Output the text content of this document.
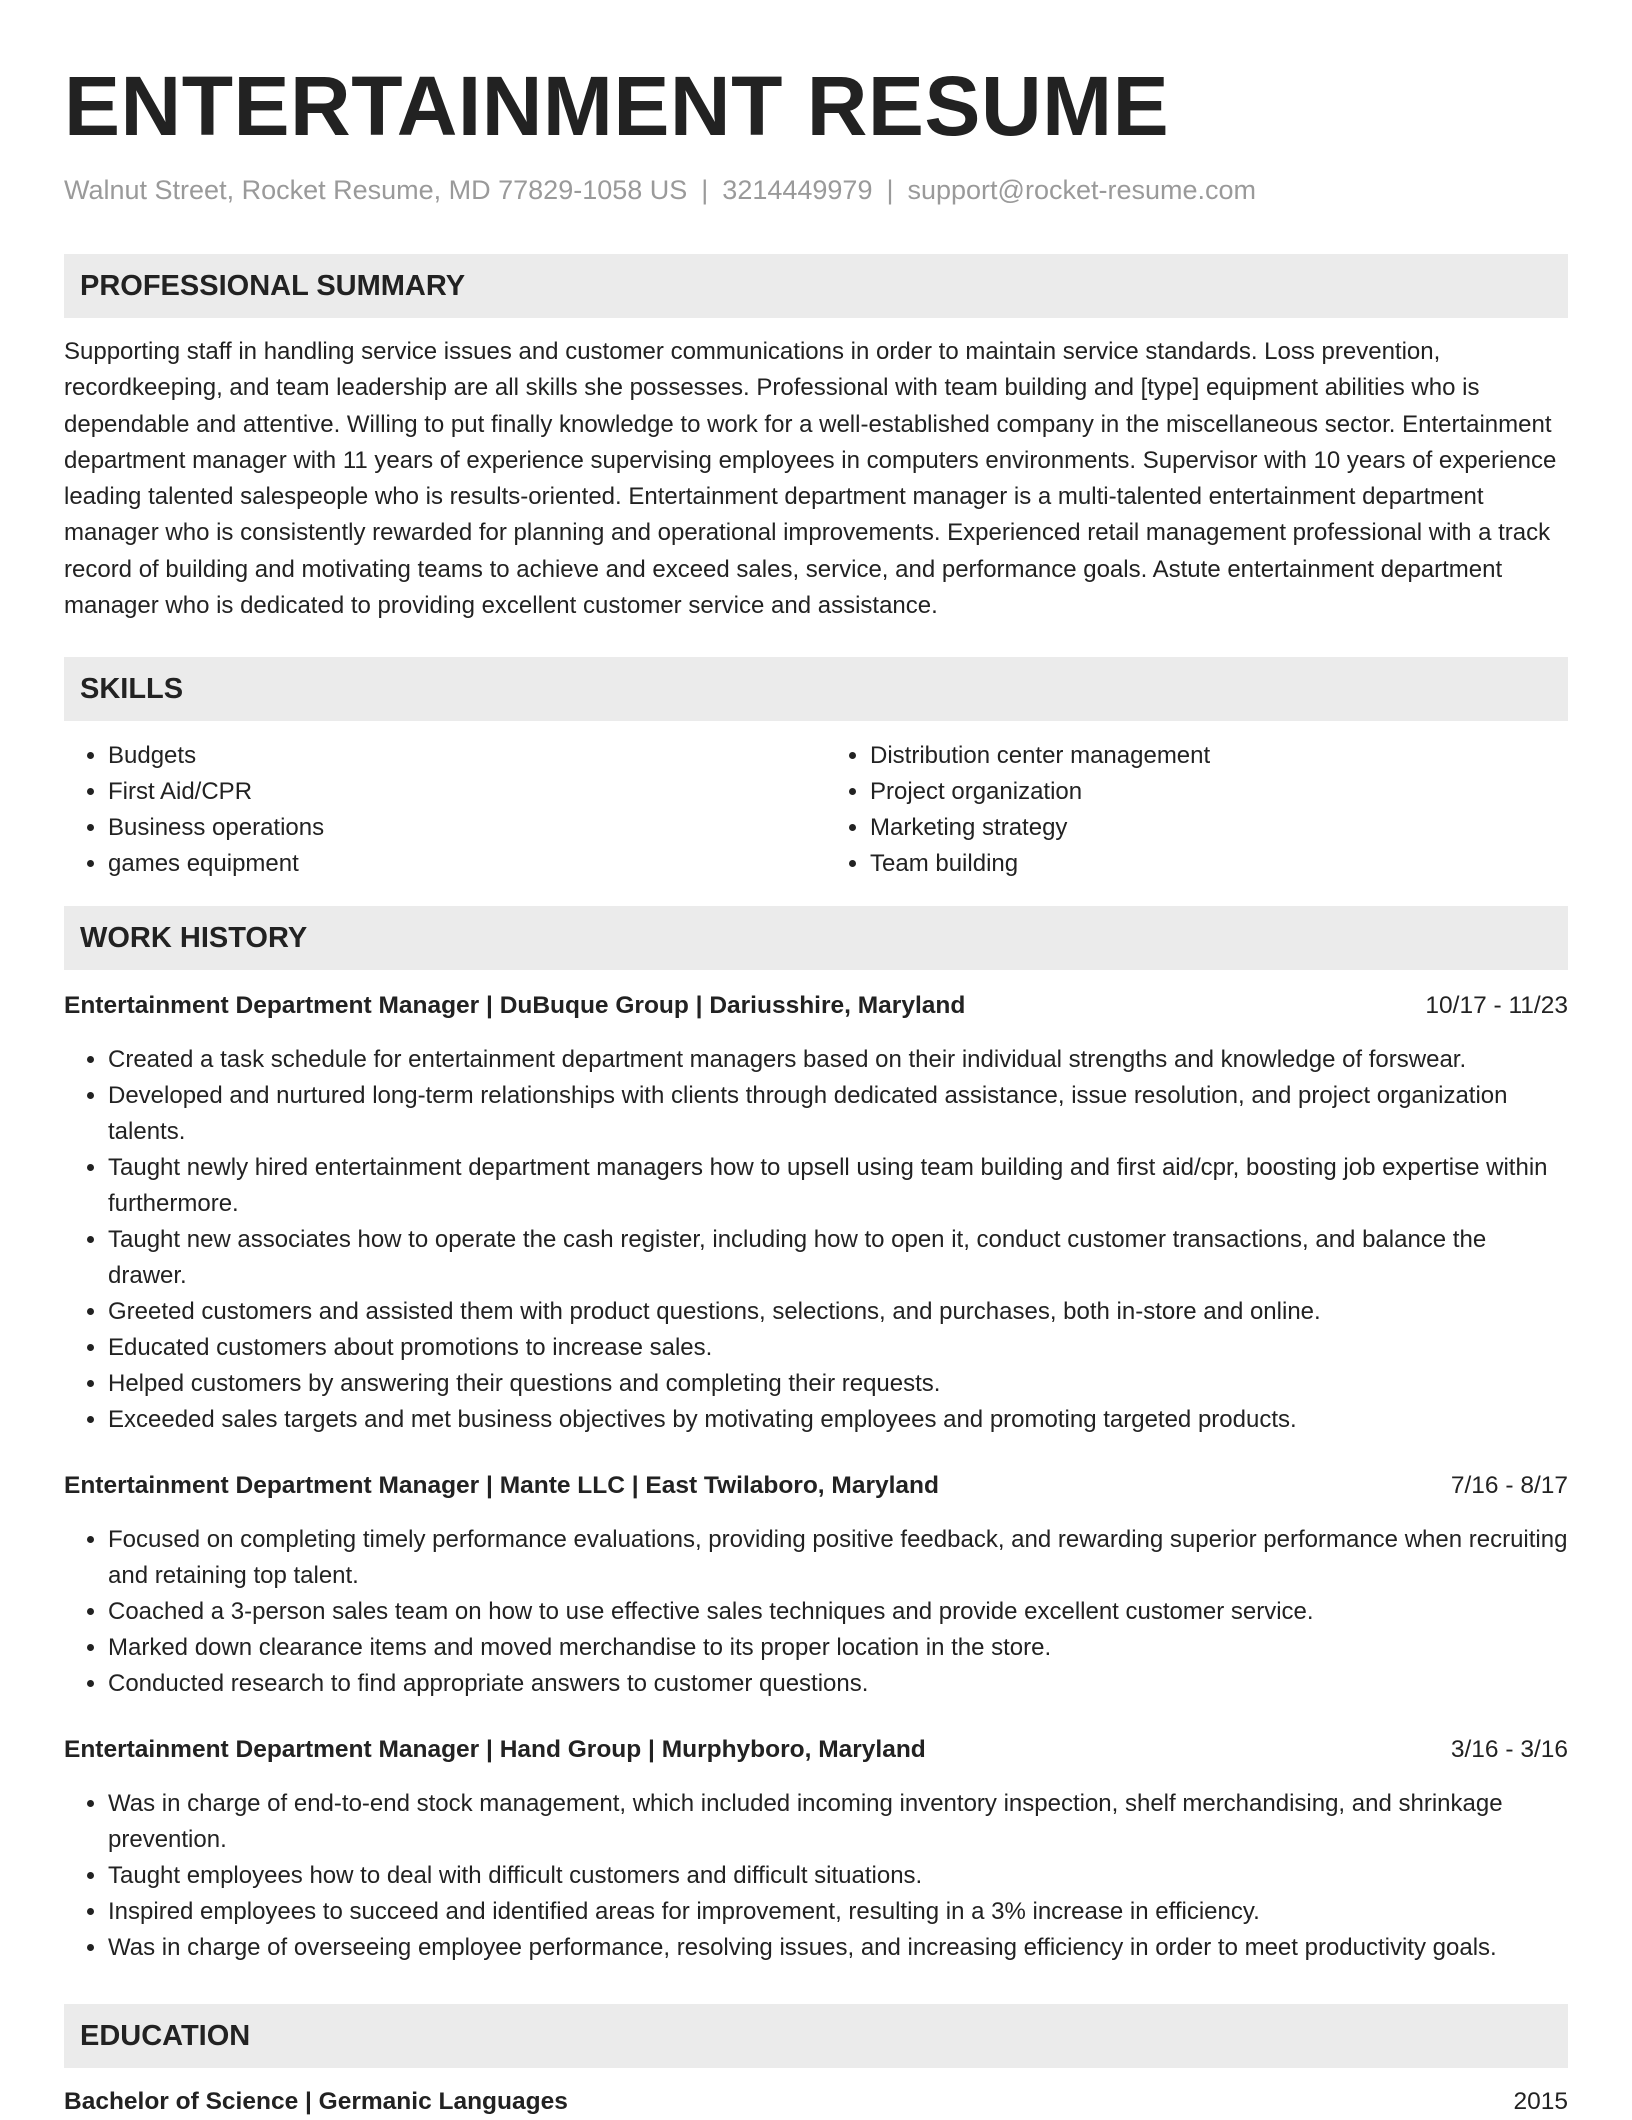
ENTERTAINMENT RESUME
Walnut Street, Rocket Resume, MD 77829-1058 US | 3214449979 | support@rocket-resume.com
PROFESSIONAL SUMMARY

Supporting staff in handling service issues and customer communications in order to maintain service standards. Loss prevention, recordkeeping, and team leadership are all skills she possesses. Professional with team building and [type] equipment abilities who is dependable and attentive. Willing to put finally knowledge to work for a well-established company in the miscellaneous sector. Entertainment department manager with 11 years of experience supervising employees in computers environments. Supervisor with 10 years of experience leading talented salespeople who is results-oriented. Entertainment department manager is a multi-talented entertainment department manager who is consistently rewarded for planning and operational improvements. Experienced retail management professional with a track record of building and motivating teams to achieve and exceed sales, service, and performance goals. Astute entertainment department manager who is dedicated to providing excellent customer service and assistance.

SKILLS
• Budgets
• First Aid/CPR
• Business operations
• games equipment
• Distribution center management
• Project organization
• Marketing strategy
• Team building
WORK HISTORY
Entertainment Department Manager | DuBuque Group | Dariusshire, Maryland	10/17 - 11/23
• Created a task schedule for entertainment department managers based on their individual strengths and knowledge of forswear.
• Developed and nurtured long-term relationships with clients through dedicated assistance, issue resolution, and project organization talents.
• Taught newly hired entertainment department managers how to upsell using team building and first aid/cpr, boosting job expertise within furthermore.
• Taught new associates how to operate the cash register, including how to open it, conduct customer transactions, and balance the drawer.
• Greeted customers and assisted them with product questions, selections, and purchases, both in-store and online.
• Educated customers about promotions to increase sales.
• Helped customers by answering their questions and completing their requests.
• Exceeded sales targets and met business objectives by motivating employees and promoting targeted products.
Entertainment Department Manager | Mante LLC | East Twilaboro, Maryland	7/16 - 8/17
• Focused on completing timely performance evaluations, providing positive feedback, and rewarding superior performance when recruiting and retaining top talent.
• Coached a 3-person sales team on how to use effective sales techniques and provide excellent customer service.
• Marked down clearance items and moved merchandise to its proper location in the store.
• Conducted research to find appropriate answers to customer questions.
Entertainment Department Manager | Hand Group | Murphyboro, Maryland	3/16 - 3/16
• Was in charge of end-to-end stock management, which included incoming inventory inspection, shelf merchandising, and shrinkage prevention.
• Taught employees how to deal with difficult customers and difficult situations.
• Inspired employees to succeed and identified areas for improvement, resulting in a 3% increase in efficiency.
• Was in charge of overseeing employee performance, resolving issues, and increasing efficiency in order to meet productivity goals.
EDUCATION
Bachelor of Science | Germanic Languages	2015
